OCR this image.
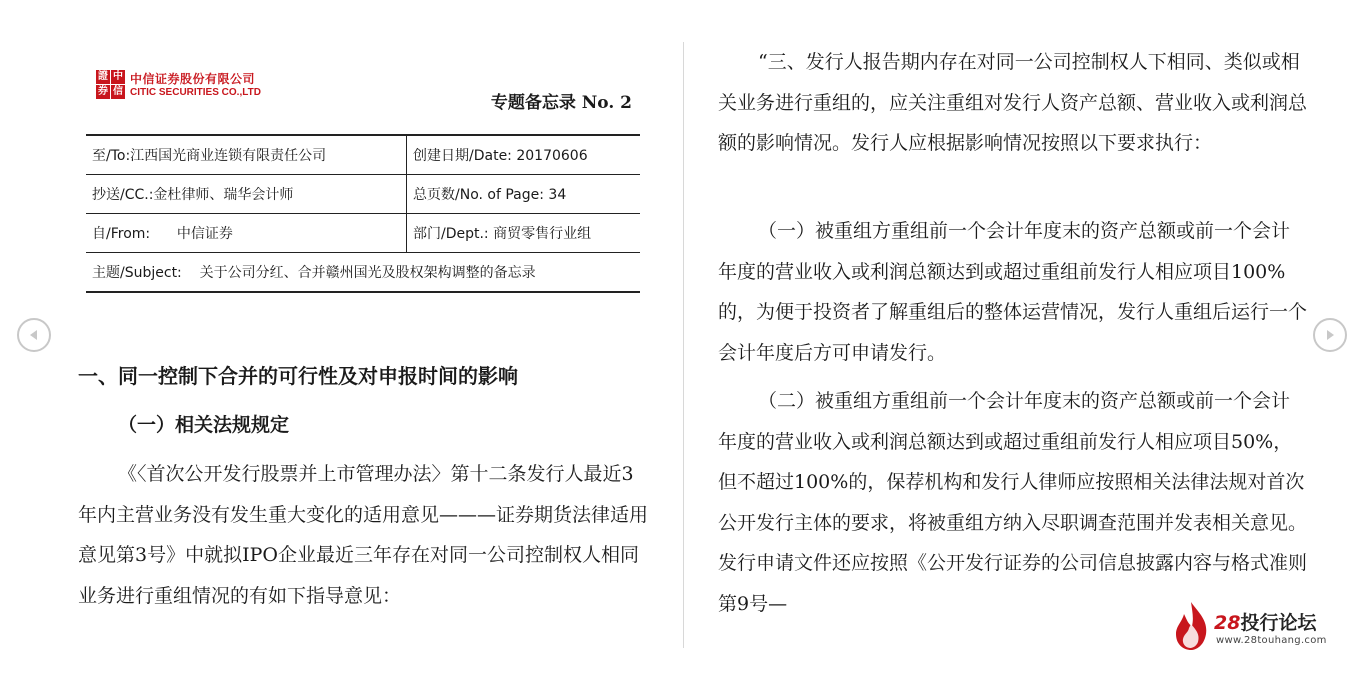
證 中
券 信
中信证券股份有限公司
CITIC SECURITIES CO.,LTD
专题备忘录 No. 2
至/To:江西国光商业连锁有限责任公司	创建日期/Date: 20170606
抄送/CC.:金杜律师、瑞华会计师	总页数/No. of Page: 34
自/From:      中信证券	部门/Dept.: 商贸零售行业组
主题/Subject:    关于公司分红、合并赣州国光及股权架构调整的备忘录	
一、同一控制下合并的可行性及对申报时间的影响
（一）相关法规规定

《〈首次公开发行股票并上市管理办法〉第十二条发行人最近3年内主营业务没有发生重大变化的适用意见———证券期货法律适用意见第3号》中就拟IPO企业最近三年存在对同一公司控制权人相同业务进行重组情况的有如下指导意见：

“三、发行人报告期内存在对同一公司控制权人下相同、类似或相关业务进行重组的，应关注重组对发行人资产总额、营业收入或利润总额的影响情况。发行人应根据影响情况按照以下要求执行：

（一）被重组方重组前一个会计年度末的资产总额或前一个会计年度的营业收入或利润总额达到或超过重组前发行人相应项目100%的，为便于投资者了解重组后的整体运营情况，发行人重组后运行一个会计年度后方可申请发行。

（二）被重组方重组前一个会计年度末的资产总额或前一个会计年度的营业收入或利润总额达到或超过重组前发行人相应项目50%，但不超过100%的，保荐机构和发行人律师应按照相关法律法规对首次公开发行主体的要求，将被重组方纳入尽职调查范围并发表相关意见。发行申请文件还应按照《公开发行证券的公司信息披露内容与格式准则第9号—

28投行论坛
www.28touhang.com
